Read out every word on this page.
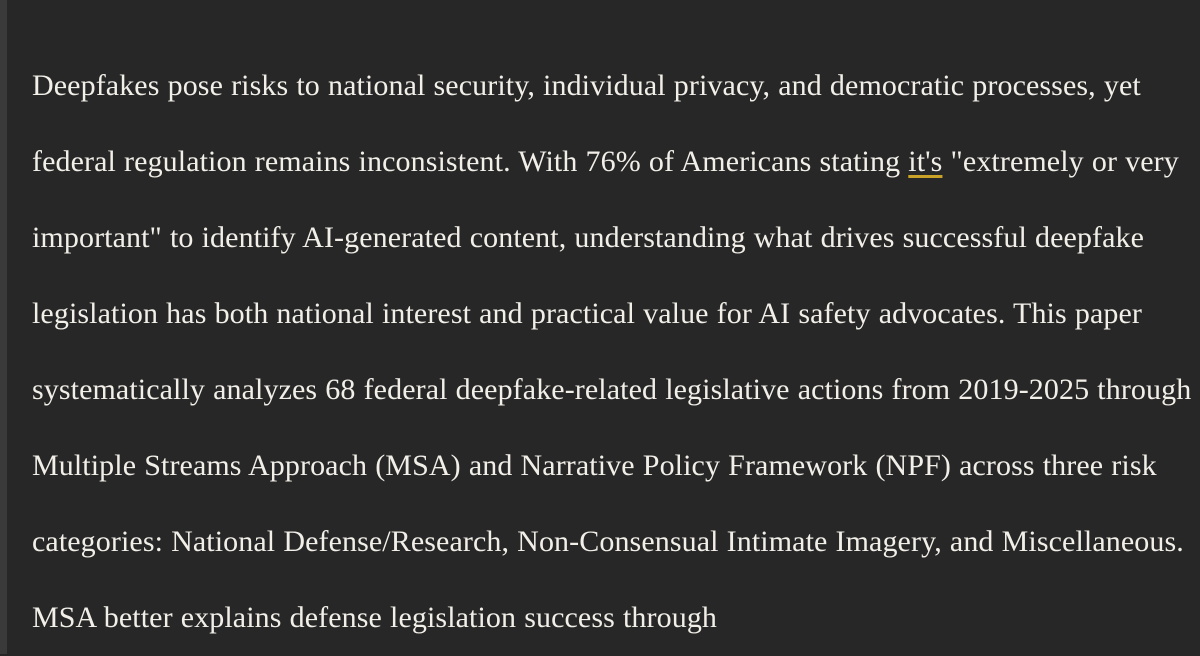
Deepfakes pose risks to national security, individual privacy, and democratic processes, yet federal regulation remains inconsistent. With 76% of Americans stating it's "extremely or very important" to identify AI-generated content, understanding what drives successful deepfake legislation has both national interest and practical value for AI safety advocates. This paper systematically analyzes 68 federal deepfake-related legislative actions from 2019-2025 through Multiple Streams Approach (MSA) and Narrative Policy Framework (NPF) across three risk categories: National Defense/Research, Non-Consensual Intimate Imagery, and Miscellaneous. MSA better explains defense legislation success through
